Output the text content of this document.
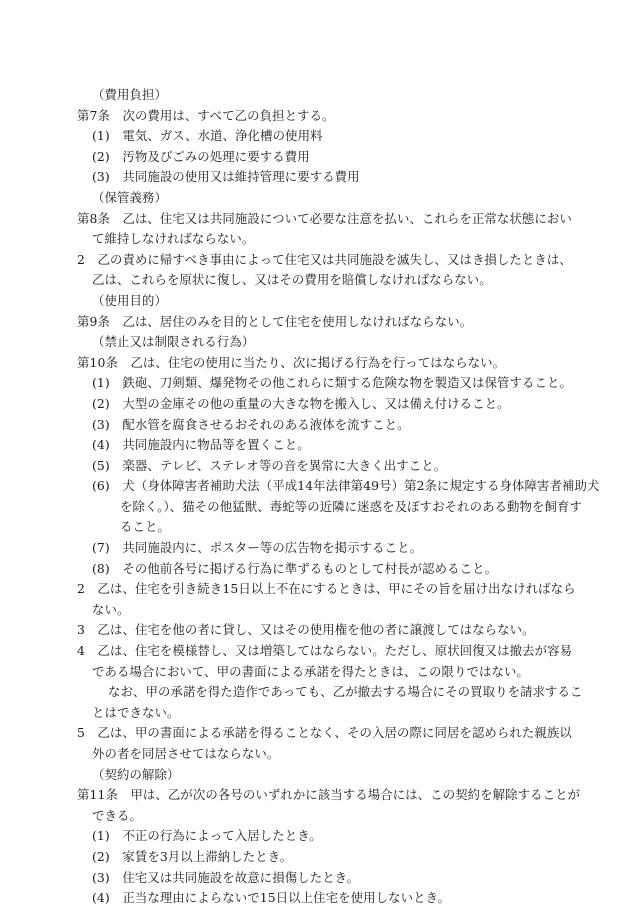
（費用負担）
第7条　次の費用は、すべて乙の負担とする。
(1)　電気、ガス、水道、浄化槽の使用料
(2)　汚物及びごみの処理に要する費用
(3)　共同施設の使用又は維持管理に要する費用
（保管義務）
第8条　乙は、住宅又は共同施設について必要な注意を払い、これらを正常な状態におい
て維持しなければならない。
2　乙の責めに帰すべき事由によって住宅又は共同施設を滅失し、又はき損したときは、
乙は、これらを原状に復し、又はその費用を賠償しなければならない。
（使用目的）
第9条　乙は、居住のみを目的として住宅を使用しなければならない。
（禁止又は制限される行為）
第10条　乙は、住宅の使用に当たり、次に掲げる行為を行ってはならない。
(1)　鉄砲、刀剣類、爆発物その他これらに類する危険な物を製造又は保管すること。
(2)　大型の金庫その他の重量の大きな物を搬入し、又は備え付けること。
(3)　配水管を腐食させるおそれのある液体を流すこと。
(4)　共同施設内に物品等を置くこと。
(5)　楽器、テレビ、ステレオ等の音を異常に大きく出すこと。
(6)　犬（身体障害者補助犬法（平成14年法律第49号）第2条に規定する身体障害者補助犬
を除く。）、猫その他猛獣、毒蛇等の近隣に迷惑を及ぼすおそれのある動物を飼育す
ること。
(7)　共同施設内に、ポスター等の広告物を掲示すること。
(8)　その他前各号に掲げる行為に準ずるものとして村長が認めること。
2　乙は、住宅を引き続き15日以上不在にするときは、甲にその旨を届け出なければなら
ない。
3　乙は、住宅を他の者に貸し、又はその使用権を他の者に譲渡してはならない。
4　乙は、住宅を模様替し、又は増築してはならない。ただし、原状回復又は撤去が容易
である場合において、甲の書面による承諾を得たときは、この限りではない。
なお、甲の承諾を得た造作であっても、乙が撤去する場合にその買取りを請求するこ
とはできない。
5　乙は、甲の書面による承諾を得ることなく、その入居の際に同居を認められた親族以
外の者を同居させてはならない。
（契約の解除）
第11条　甲は、乙が次の各号のいずれかに該当する場合には、この契約を解除することが
できる。
(1)　不正の行為によって入居したとき。
(2)　家賃を3月以上滞納したとき。
(3)　住宅又は共同施設を故意に損傷したとき。
(4)　正当な理由によらないで15日以上住宅を使用しないとき。
